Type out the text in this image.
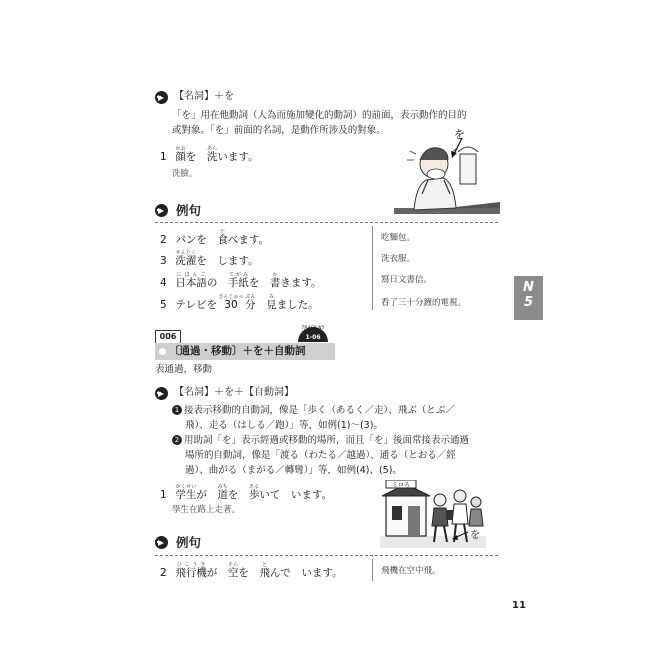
【名詞】＋を
「を」用在他動詞（人為而施加變化的動詞）的前面，表示動作的目的
或對象。「を」前面的名詞，是動作所涉及的對象。
1 顔かおを　洗あらいます。
洗臉。
を
例句
2 パンを　食たべます。	吃麵包。
3 洗濯せんたくを　します。	洗衣服。
4 日本語にほんごの　手紙てがみを　書かきます。	寫日文書信。
5 テレビを 30さんじゅっ 分ぷん　見みました。	看了三十分鐘的電視。
N
5
006
TRACK N5
1-06
〔通過・移動〕＋を＋自動詞
表通過，移動
【名詞】＋を＋【自動詞】
1 接表示移動的自動詞，像是「歩く（あるく／走）、飛ぶ（とぶ／
飛）、走る（はしる／跑）」等，如例(1)～(3)。
2 用助詞「を」表示經過或移動的場所，而且「を」後面常接表示通過
場所的自動詞，像是「渡る（わたる／越過）、通る（とおる／經
過）、曲がる（まがる／轉彎）」等，如例(4)、(5)。
1 学生がくせいが　道みちを　歩あるいて　います。
學生在路上走著。
ミロろ
を
例句
2 飛行機ひこうきが　空そらを　飛とんで　います。	飛機在空中飛。
11
